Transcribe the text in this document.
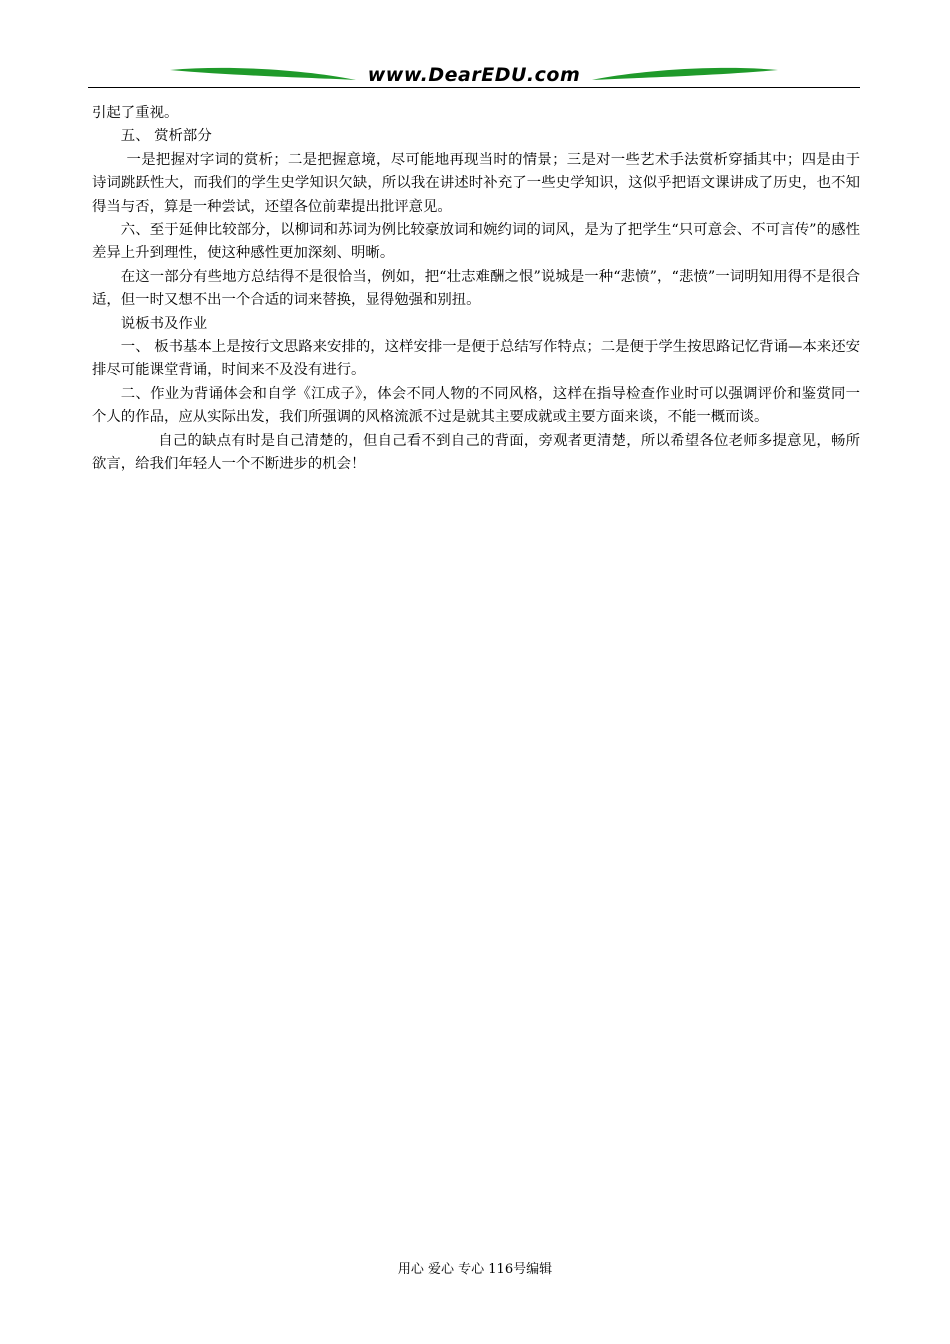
www.DearEDU.com

引起了重视。

五、 赏析部分

一是把握对字词的赏析；二是把握意境，尽可能地再现当时的情景；三是对一些艺术手法赏析穿插其中；四是由于诗词跳跃性大，而我们的学生史学知识欠缺，所以我在讲述时补充了一些史学知识，这似乎把语文课讲成了历史，也不知得当与否，算是一种尝试，还望各位前辈提出批评意见。

六、至于延伸比较部分，以柳词和苏词为例比较豪放词和婉约词的词风，是为了把学生“只可意会、不可言传”的感性差异上升到理性，使这种感性更加深刻、明晰。

在这一部分有些地方总结得不是很恰当，例如，把“壮志难酬之恨”说城是一种“悲愤”，“悲愤”一词明知用得不是很合适，但一时又想不出一个合适的词来替换，显得勉强和别扭。

说板书及作业

一、 板书基本上是按行文思路来安排的，这样安排一是便于总结写作特点；二是便于学生按思路记忆背诵—本来还安排尽可能课堂背诵，时间来不及没有进行。

二、作业为背诵体会和自学《江成子》，体会不同人物的不同风格，这样在指导检查作业时可以强调评价和鉴赏同一个人的作品，应从实际出发，我们所强调的风格流派不过是就其主要成就或主要方面来谈，不能一概而谈。

自己的缺点有时是自己清楚的，但自己看不到自己的背面，旁观者更清楚，所以希望各位老师多提意见，畅所欲言，给我们年轻人一个不断进步的机会！

用心 爱心 专心 116号编辑
